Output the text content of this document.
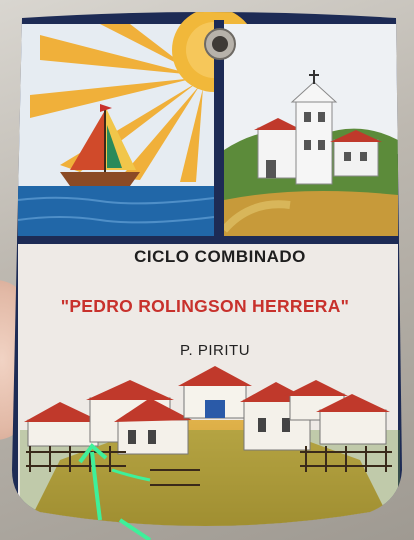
CICLO COMBINADO
"PEDRO ROLINGSON HERRERA"
P. PIRITU
